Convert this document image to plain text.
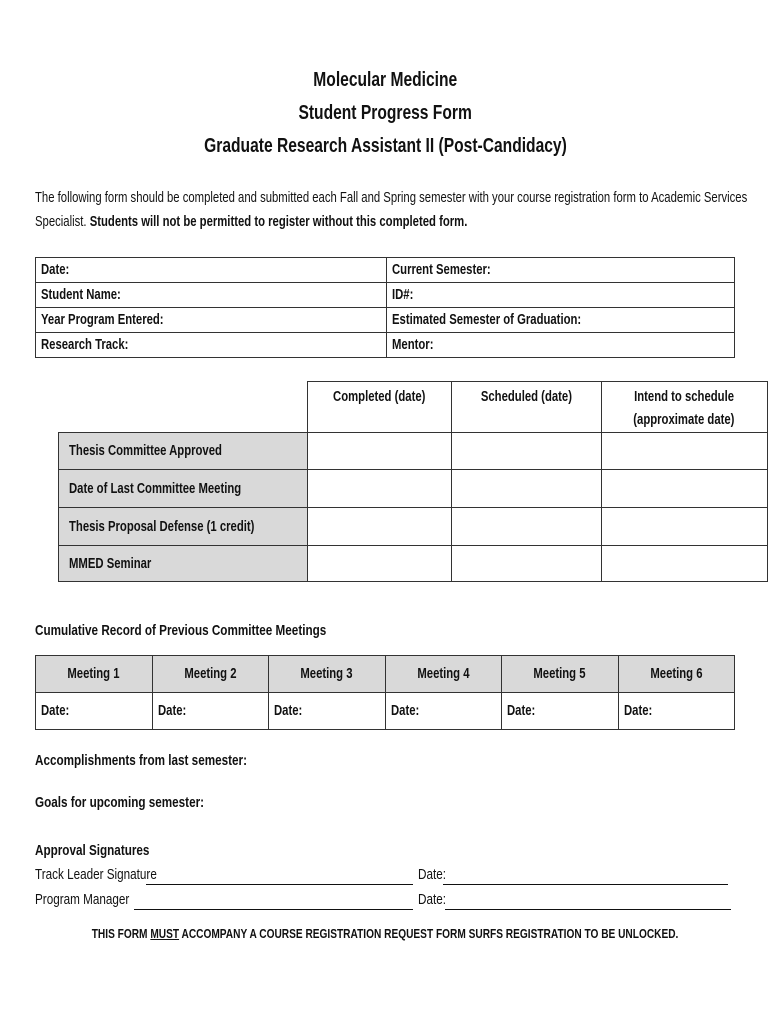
Molecular Medicine
Student Progress Form
Graduate Research Assistant II (Post-Candidacy)
The following form should be completed and submitted each Fall and Spring semester with your course registration form to Academic Services
Specialist. Students will not be permitted to register without this completed form.
Date:	Current Semester:
Student Name:	ID#:
Year Program Entered:	Estimated Semester of Graduation:
Research Track:	Mentor:
	Completed (date)	Scheduled (date)	Intend to schedule
(approximate date)
Thesis Committee Approved			
Date of Last Committee Meeting			
Thesis Proposal Defense (1 credit)			
MMED Seminar			
Cumulative Record of Previous Committee Meetings
Meeting 1	Meeting 2	Meeting 3	Meeting 4	Meeting 5	Meeting 6
Date:	Date:	Date:	Date:	Date:	Date:
Accomplishments from last semester:
Goals for upcoming semester:
Approval Signatures
Track Leader Signature	Date:
Program Manager	Date:
THIS FORM MUST ACCOMPANY A COURSE REGISTRATION REQUEST FORM SURFS REGISTRATION TO BE UNLOCKED.
